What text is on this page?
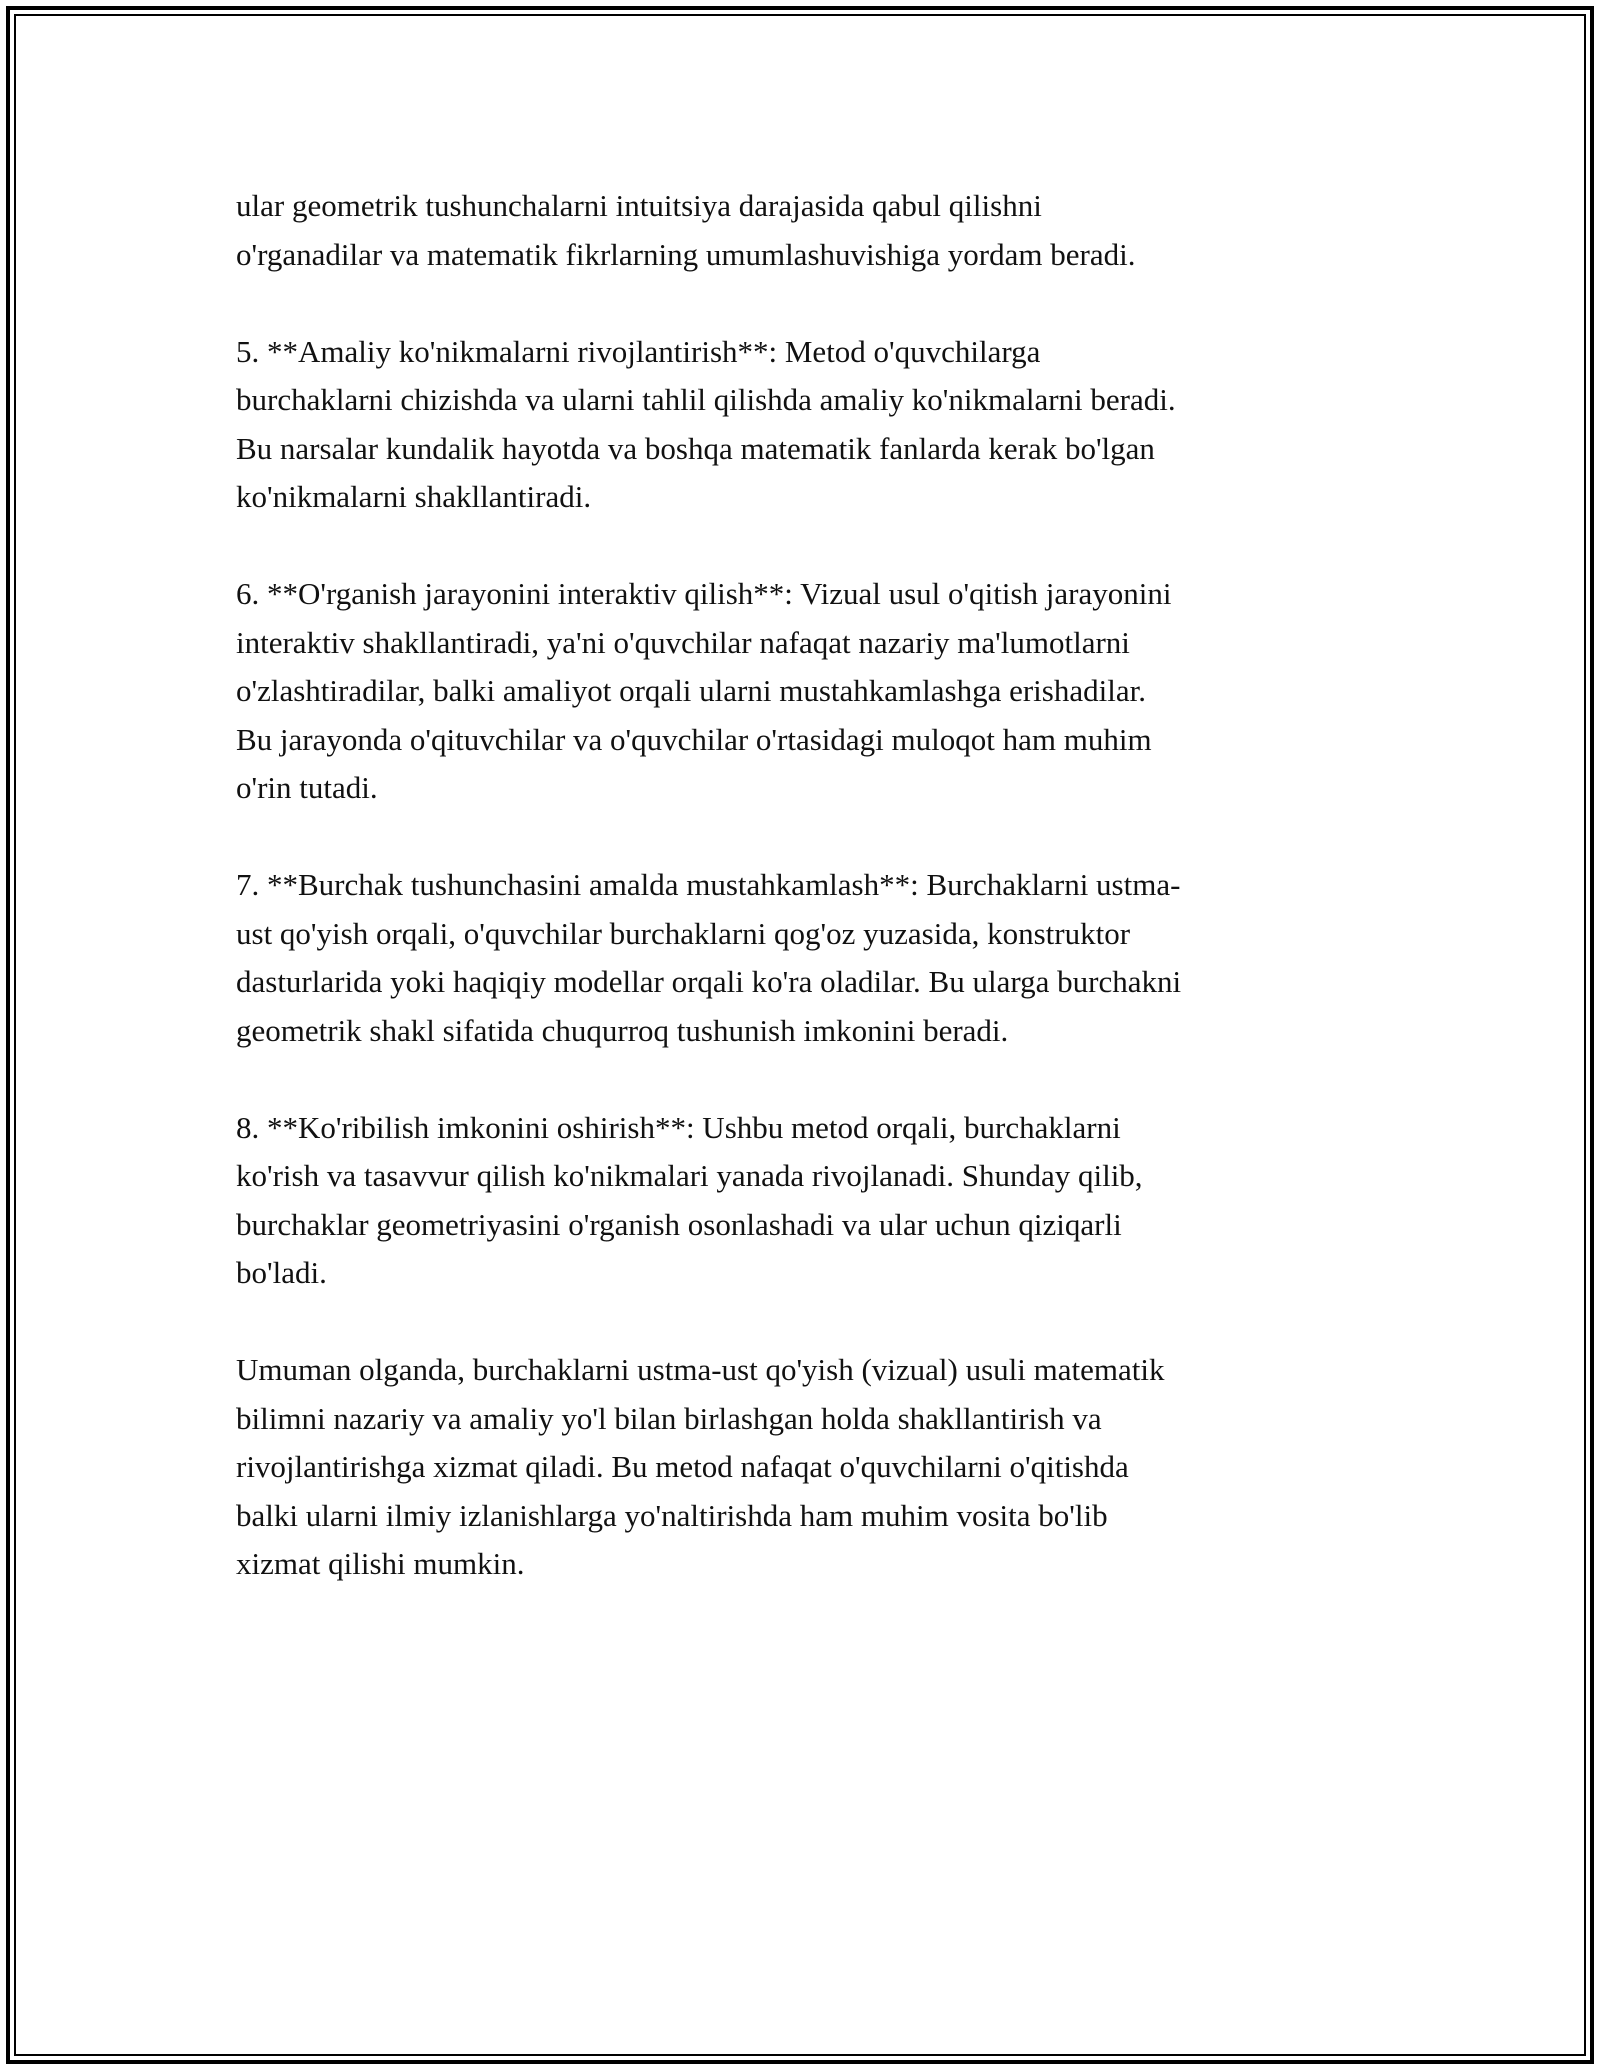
ular geometrik tushunchalarni intuitsiya darajasida qabul qilishni
o'rganadilar va matematik fikrlarning umumlashuvishiga yordam beradi.

5. **Amaliy ko'nikmalarni rivojlantirish**: Metod o'quvchilarga
burchaklarni chizishda va ularni tahlil qilishda amaliy ko'nikmalarni beradi.
Bu narsalar kundalik hayotda va boshqa matematik fanlarda kerak bo'lgan
ko'nikmalarni shakllantiradi.

6. **O'rganish jarayonini interaktiv qilish**: Vizual usul o'qitish jarayonini
interaktiv shakllantiradi, ya'ni o'quvchilar nafaqat nazariy ma'lumotlarni
o'zlashtiradilar, balki amaliyot orqali ularni mustahkamlashga erishadilar.
Bu jarayonda o'qituvchilar va o'quvchilar o'rtasidagi muloqot ham muhim
o'rin tutadi.

7. **Burchak tushunchasini amalda mustahkamlash**: Burchaklarni ustma-
ust qo'yish orqali, o'quvchilar burchaklarni qog'oz yuzasida, konstruktor
dasturlarida yoki haqiqiy modellar orqali ko'ra oladilar. Bu ularga burchakni
geometrik shakl sifatida chuqurroq tushunish imkonini beradi.

8. **Ko'ribilish imkonini oshirish**: Ushbu metod orqali, burchaklarni
ko'rish va tasavvur qilish ko'nikmalari yanada rivojlanadi. Shunday qilib,
burchaklar geometriyasini o'rganish osonlashadi va ular uchun qiziqarli
bo'ladi.

Umuman olganda, burchaklarni ustma-ust qo'yish (vizual) usuli matematik
bilimni nazariy va amaliy yo'l bilan birlashgan holda shakllantirish va
rivojlantirishga xizmat qiladi. Bu metod nafaqat o'quvchilarni o'qitishda
balki ularni ilmiy izlanishlarga yo'naltirishda ham muhim vosita bo'lib
xizmat qilishi mumkin.
